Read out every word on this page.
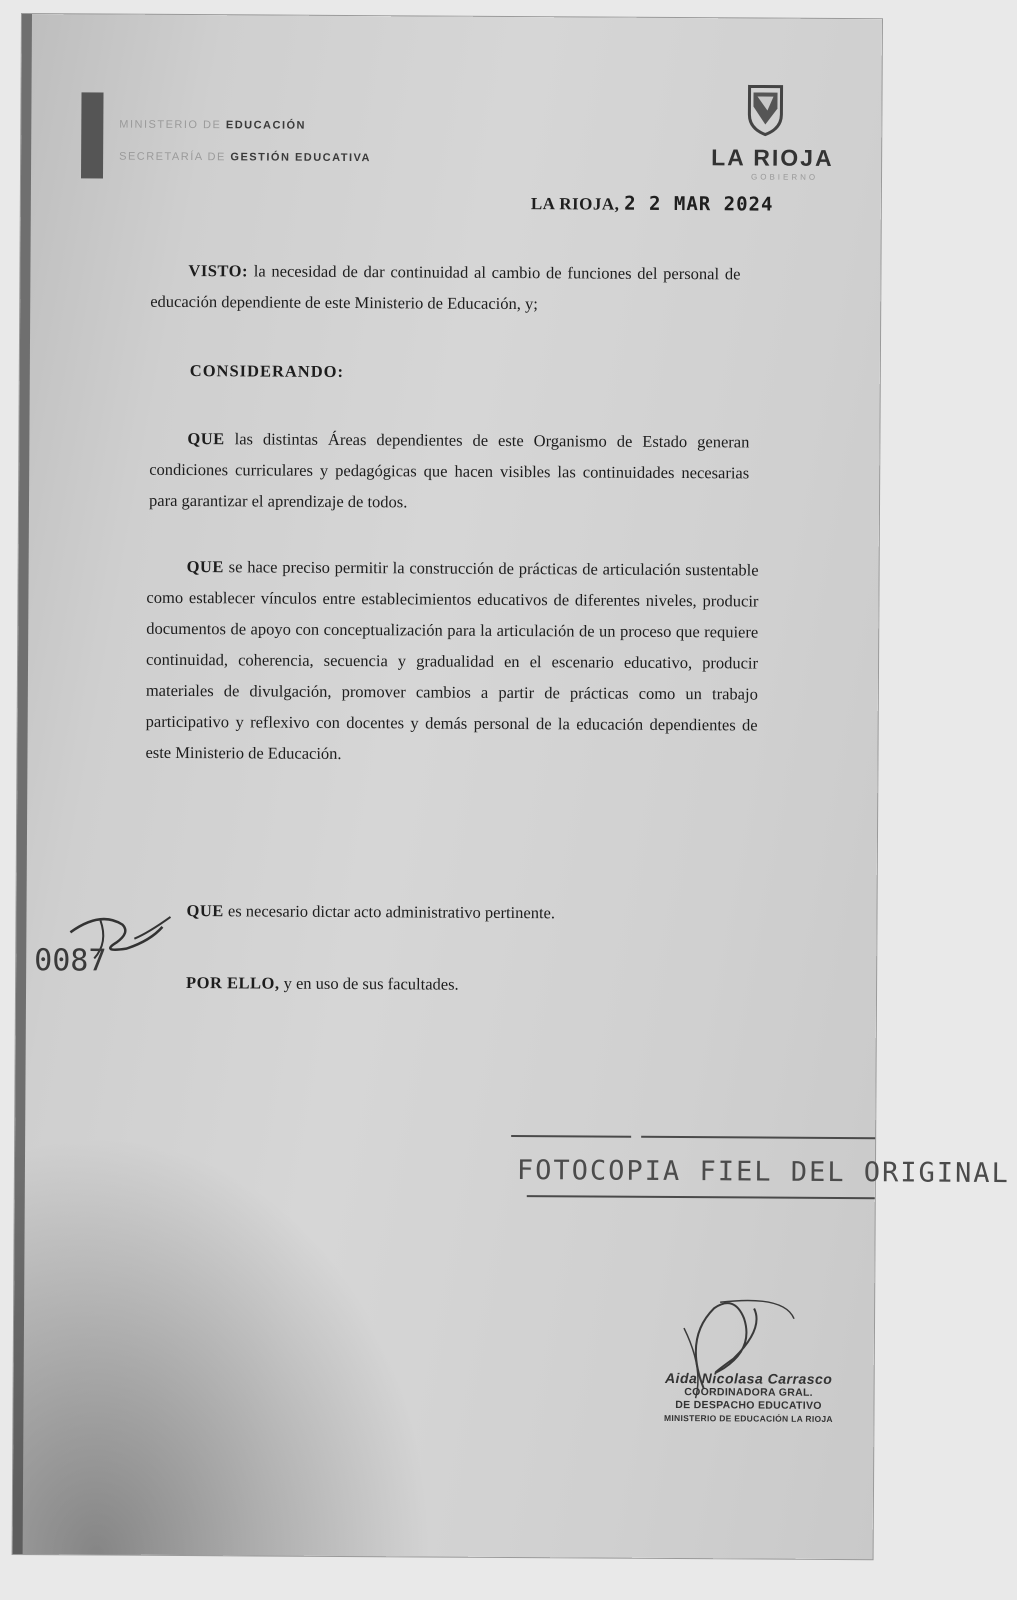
MINISTERIO DE EDUCACIÓN
SECRETARÍA DE GESTIÓN EDUCATIVA	LA RIOJA
GOBIERNO
LA RIOJA, 2 2 MAR 2024
VISTO: la necesidad de dar continuidad al cambio de funciones del personal de educación dependiente de este Ministerio de Educación, y;
CONSIDERANDO:
QUE las distintas Áreas dependientes de este Organismo de Estado generan condiciones curriculares y pedagógicas que hacen visibles las continuidades necesarias para garantizar el aprendizaje de todos.
QUE se hace preciso permitir la construcción de prácticas de articulación sustentable como establecer vínculos entre establecimientos educativos de diferentes niveles, producir documentos de apoyo con conceptualización para la articulación de un proceso que requiere continuidad, coherencia, secuencia y gradualidad en el escenario educativo, producir materiales de divulgación, promover cambios a partir de prácticas como un trabajo participativo y reflexivo con docentes y demás personal de la educación dependientes de este Ministerio de Educación.
QUE es necesario dictar acto administrativo pertinente.
0087
POR ELLO, y en uso de sus facultades.
FOTOCOPIA FIEL DEL ORIGINAL
Aida Nicolasa Carrasco
COORDINADORA GRAL.
DE DESPACHO EDUCATIVO
MINISTERIO DE EDUCACIÓN LA RIOJA
